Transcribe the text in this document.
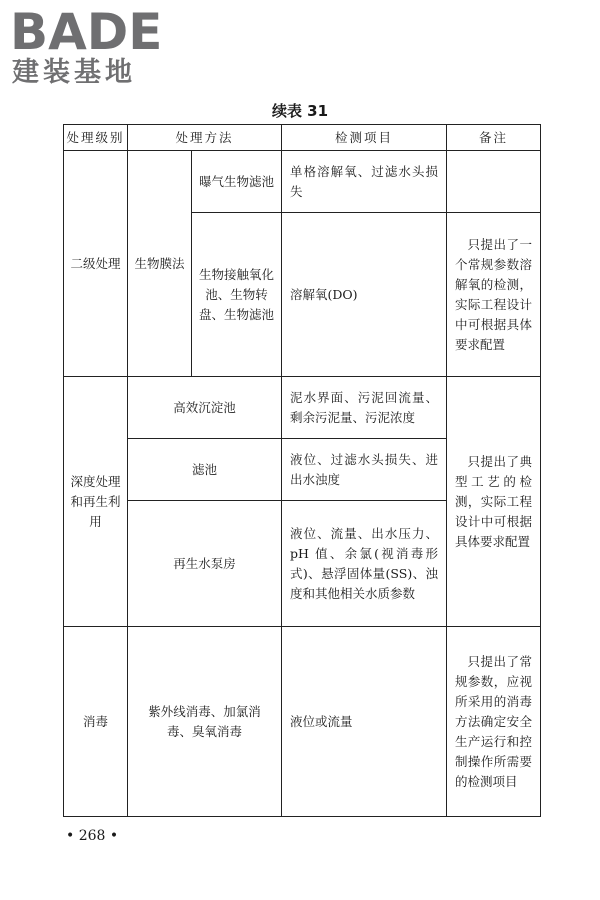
BADE
建装基地
续表 31
处理级别	处理方法		检测项目	备注
二级处理	生物膜法	曝气生物滤池	单格溶解氧、过滤水头损失	
		生物接触氧化池、生物转盘、生物滤池	溶解氧(DO)	只提出了一个常规参数溶解氧的检测，实际工程设计中可根据具体要求配置
深度处理和再生利用	高效沉淀池		泥水界面、污泥回流量、剩余污泥量、污泥浓度	只提出了典型工艺的检测，实际工程设计中可根据具体要求配置
	滤池		液位、过滤水头损失、进出水浊度	
	再生水泵房		液位、流量、出水压力、pH 值、余氯(视消毒形式)、悬浮固体量(SS)、浊度和其他相关水质参数	
消毒	紫外线消毒、加氯消毒、臭氧消毒		液位或流量	只提出了常规参数，应视所采用的消毒方法确定安全生产运行和控制操作所需要的检测项目
• 268 •
